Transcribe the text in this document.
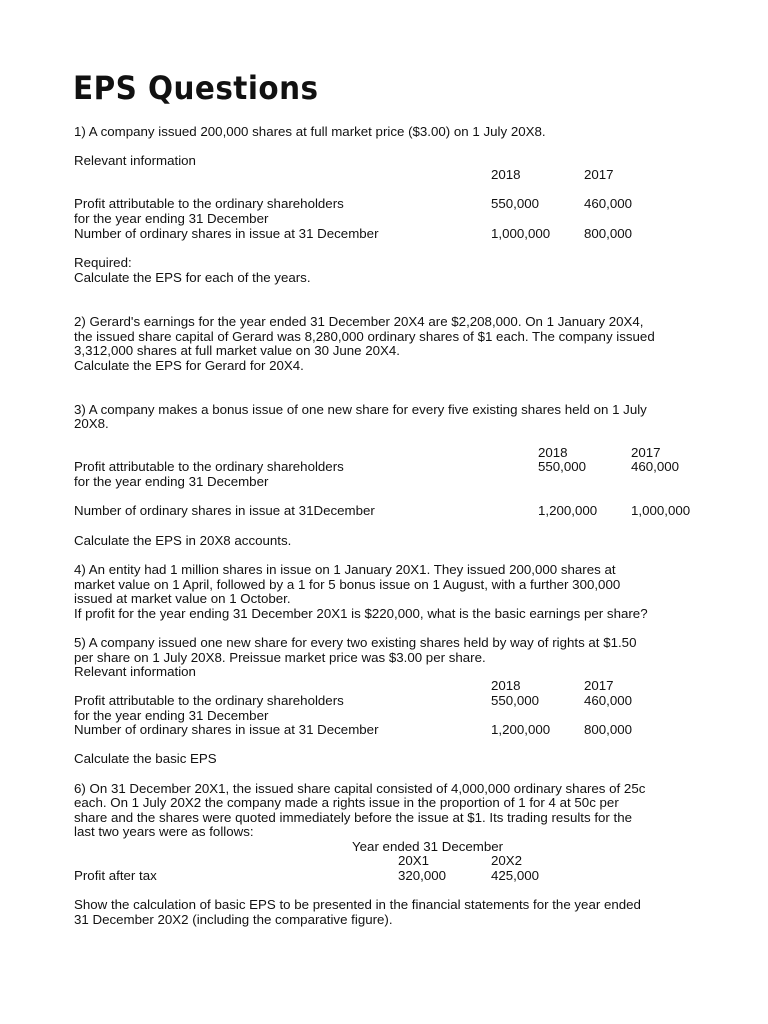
EPS Questions
1) A company issued 200,000 shares at full market price ($3.00) on 1 July 20X8.
Relevant information
2018	2017
Profit attributable to the ordinary shareholders
for the year ending 31 December
550,000	460,000
Number of ordinary shares in issue at 31 December	1,000,000	800,000
Required:
Calculate the EPS for each of the years.
2) Gerard's earnings for the year ended 31 December 20X4 are $2,208,000. On 1 January 20X4,
the issued share capital of Gerard was 8,280,000 ordinary shares of $1 each. The company issued
3,312,000 shares at full market value on 30 June 20X4.
Calculate the EPS for Gerard for 20X4.
3) A company makes a bonus issue of one new share for every five existing shares held on 1 July
20X8.
2018	2017
Profit attributable to the ordinary shareholders
for the year ending 31 December
550,000	460,000
Number of ordinary shares in issue at 31December	1,200,000	1,000,000
Calculate the EPS in 20X8 accounts.
4) An entity had 1 million shares in issue on 1 January 20X1. They issued 200,000 shares at
market value on 1 April, followed by a 1 for 5 bonus issue on 1 August, with a further 300,000
issued at market value on 1 October.
If profit for the year ending 31 December 20X1 is $220,000, what is the basic earnings per share?
5) A company issued one new share for every two existing shares held by way of rights at $1.50
per share on 1 July 20X8. Preissue market price was $3.00 per share.
Relevant information
2018	2017
Profit attributable to the ordinary shareholders
for the year ending 31 December
550,000	460,000
Number of ordinary shares in issue at 31 December	1,200,000	800,000
Calculate the basic EPS
6) On 31 December 20X1, the issued share capital consisted of 4,000,000 ordinary shares of 25c
each. On 1 July 20X2 the company made a rights issue in the proportion of 1 for 4 at 50c per
share and the shares were quoted immediately before the issue at $1. Its trading results for the
last two years were as follows:
Year ended 31 December
20X1	20X2
Profit after tax	320,000	425,000
Show the calculation of basic EPS to be presented in the financial statements for the year ended
31 December 20X2 (including the comparative figure).
